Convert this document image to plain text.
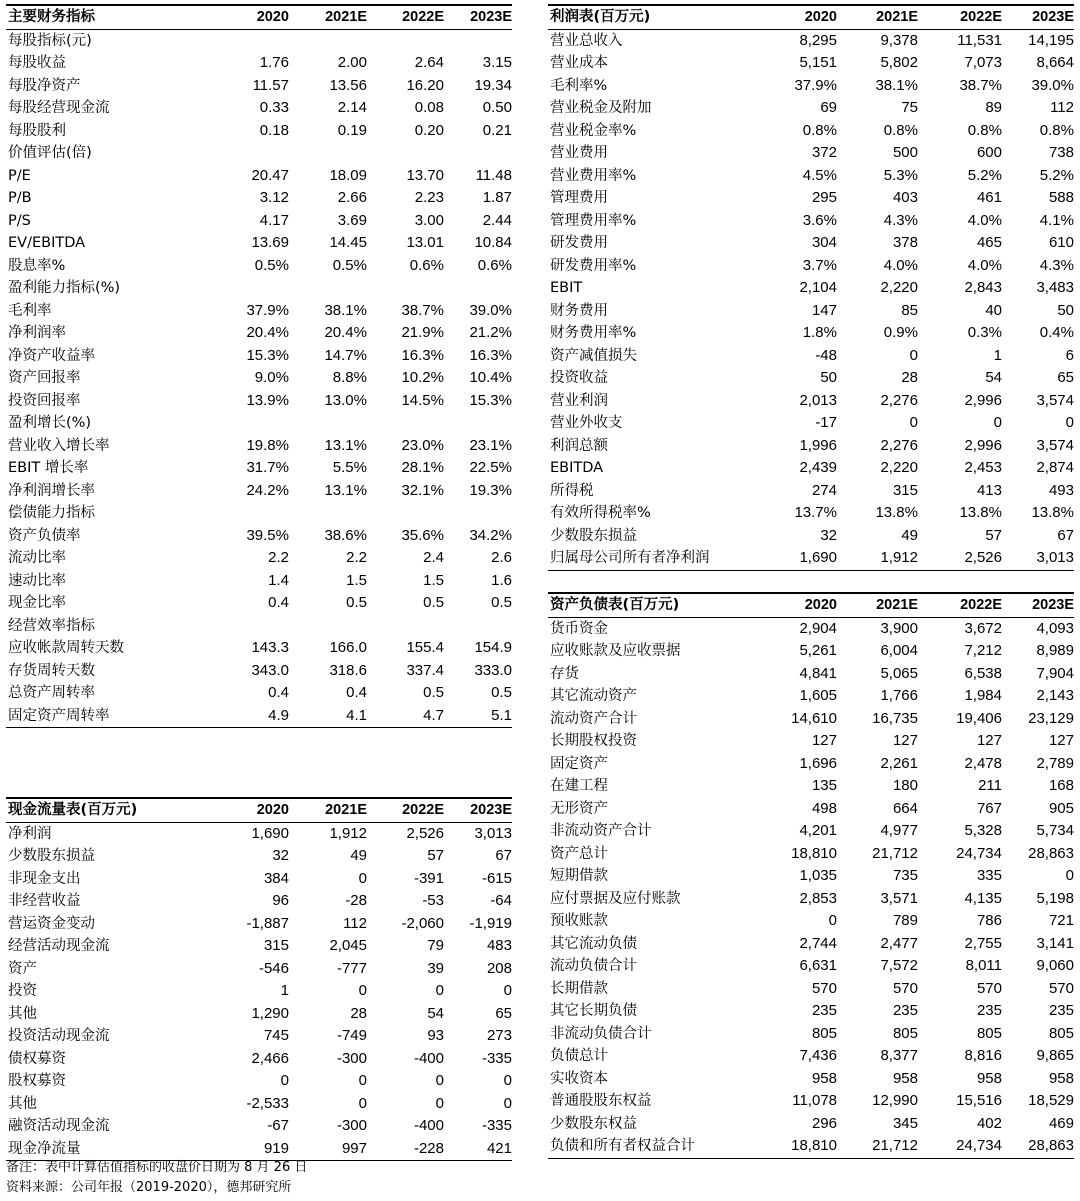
主要财务指标	2020	2021E	2022E	2023E
每股指标(元)				
每股收益	1.76	2.00	2.64	3.15
每股净资产	11.57	13.56	16.20	19.34
每股经营现金流	0.33	2.14	0.08	0.50
每股股利	0.18	0.19	0.20	0.21
价值评估(倍)				
P/E	20.47	18.09	13.70	11.48
P/B	3.12	2.66	2.23	1.87
P/S	4.17	3.69	3.00	2.44
EV/EBITDA	13.69	14.45	13.01	10.84
股息率%	0.5%	0.5%	0.6%	0.6%
盈利能力指标(%)				
毛利率	37.9%	38.1%	38.7%	39.0%
净利润率	20.4%	20.4%	21.9%	21.2%
净资产收益率	15.3%	14.7%	16.3%	16.3%
资产回报率	9.0%	8.8%	10.2%	10.4%
投资回报率	13.9%	13.0%	14.5%	15.3%
盈利增长(%)				
营业收入增长率	19.8%	13.1%	23.0%	23.1%
EBIT 增长率	31.7%	5.5%	28.1%	22.5%
净利润增长率	24.2%	13.1%	32.1%	19.3%
偿债能力指标				
资产负债率	39.5%	38.6%	35.6%	34.2%
流动比率	2.2	2.2	2.4	2.6
速动比率	1.4	1.5	1.5	1.6
现金比率	0.4	0.5	0.5	0.5
经营效率指标				
应收帐款周转天数	143.3	166.0	155.4	154.9
存货周转天数	343.0	318.6	337.4	333.0
总资产周转率	0.4	0.4	0.5	0.5
固定资产周转率	4.9	4.1	4.7	5.1
现金流量表(百万元)	2020	2021E	2022E	2023E
净利润	1,690	1,912	2,526	3,013
少数股东损益	32	49	57	67
非现金支出	384	0	-391	-615
非经营收益	96	-28	-53	-64
营运资金变动	-1,887	112	-2,060	-1,919
经营活动现金流	315	2,045	79	483
资产	-546	-777	39	208
投资	1	0	0	0
其他	1,290	28	54	65
投资活动现金流	745	-749	93	273
债权募资	2,466	-300	-400	-335
股权募资	0	0	0	0
其他	-2,533	0	0	0
融资活动现金流	-67	-300	-400	-335
现金净流量	919	997	-228	421
利润表(百万元)	2020	2021E	2022E	2023E
营业总收入	8,295	9,378	11,531	14,195
营业成本	5,151	5,802	7,073	8,664
毛利率%	37.9%	38.1%	38.7%	39.0%
营业税金及附加	69	75	89	112
营业税金率%	0.8%	0.8%	0.8%	0.8%
营业费用	372	500	600	738
营业费用率%	4.5%	5.3%	5.2%	5.2%
管理费用	295	403	461	588
管理费用率%	3.6%	4.3%	4.0%	4.1%
研发费用	304	378	465	610
研发费用率%	3.7%	4.0%	4.0%	4.3%
EBIT	2,104	2,220	2,843	3,483
财务费用	147	85	40	50
财务费用率%	1.8%	0.9%	0.3%	0.4%
资产减值损失	-48	0	1	6
投资收益	50	28	54	65
营业利润	2,013	2,276	2,996	3,574
营业外收支	-17	0	0	0
利润总额	1,996	2,276	2,996	3,574
EBITDA	2,439	2,220	2,453	2,874
所得税	274	315	413	493
有效所得税率%	13.7%	13.8%	13.8%	13.8%
少数股东损益	32	49	57	67
归属母公司所有者净利润	1,690	1,912	2,526	3,013
资产负债表(百万元)	2020	2021E	2022E	2023E
货币资金	2,904	3,900	3,672	4,093
应收账款及应收票据	5,261	6,004	7,212	8,989
存货	4,841	5,065	6,538	7,904
其它流动资产	1,605	1,766	1,984	2,143
流动资产合计	14,610	16,735	19,406	23,129
长期股权投资	127	127	127	127
固定资产	1,696	2,261	2,478	2,789
在建工程	135	180	211	168
无形资产	498	664	767	905
非流动资产合计	4,201	4,977	5,328	5,734
资产总计	18,810	21,712	24,734	28,863
短期借款	1,035	735	335	0
应付票据及应付账款	2,853	3,571	4,135	5,198
预收账款	0	789	786	721
其它流动负债	2,744	2,477	2,755	3,141
流动负债合计	6,631	7,572	8,011	9,060
长期借款	570	570	570	570
其它长期负债	235	235	235	235
非流动负债合计	805	805	805	805
负债总计	7,436	8,377	8,816	9,865
实收资本	958	958	958	958
普通股股东权益	11,078	12,990	15,516	18,529
少数股东权益	296	345	402	469
负债和所有者权益合计	18,810	21,712	24,734	28,863
备注：表中计算估值指标的收盘价日期为 8 月 26 日
资料来源：公司年报（2019-2020），德邦研究所
